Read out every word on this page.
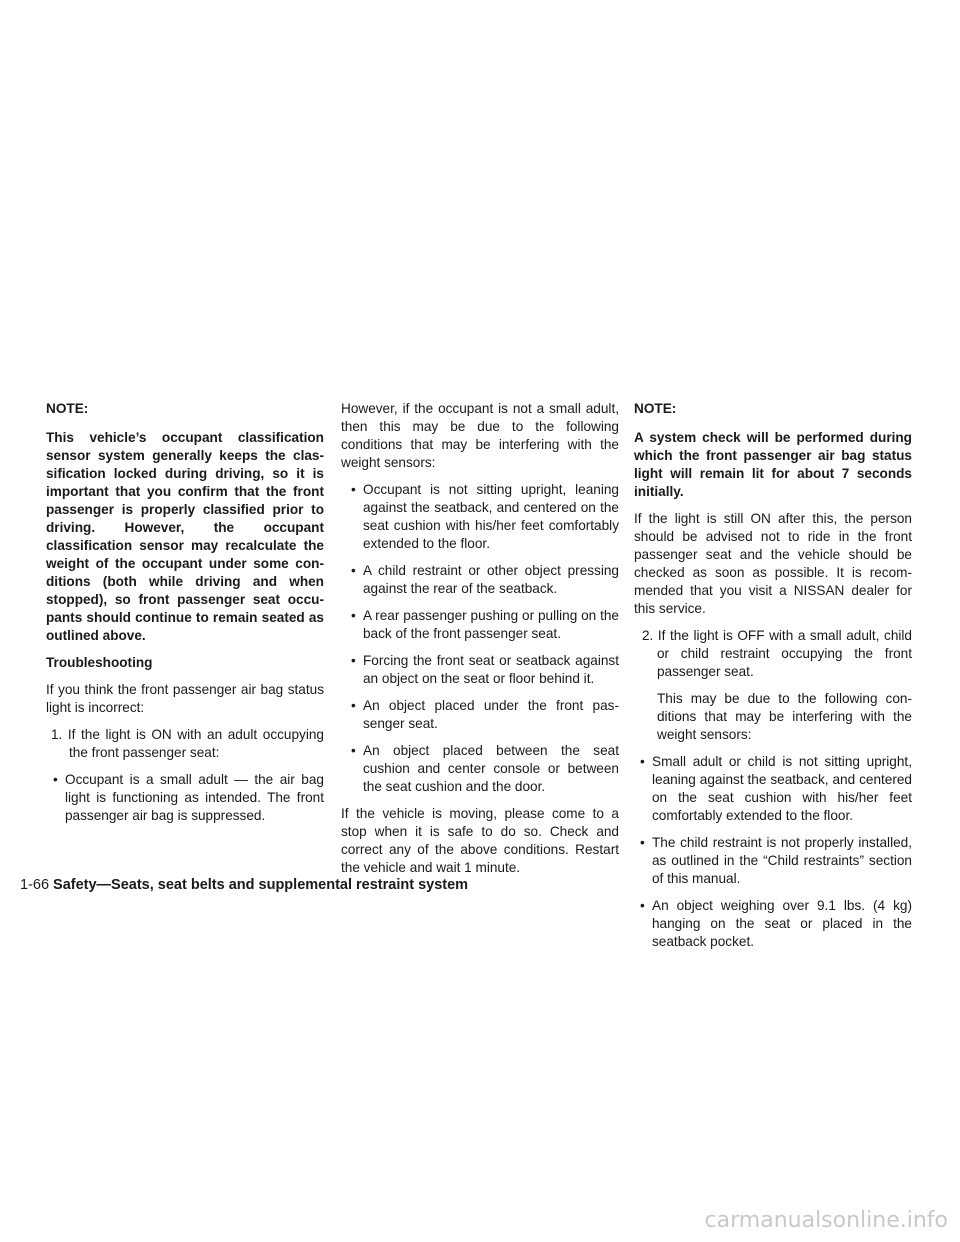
NOTE:

This vehicle’s occupant classification sensor system generally keeps the classification locked during driving, so it is important that you confirm that the front passenger is properly classified prior to driving. However, the occupant classification sensor may recalculate the weight of the occupant under some conditions (both while driving and when stopped), so front passenger seat occupants should continue to remain seated as outlined above.

Troubleshooting

If you think the front passenger air bag status light is incorrect:

1. If the light is ON with an adult occupying the front passenger seat:

• Occupant is a small adult — the air bag light is functioning as intended. The front passenger air bag is suppressed.

However, if the occupant is not a small adult, then this may be due to the following conditions that may be interfering with the weight sensors:

• Occupant is not sitting upright, leaning against the seatback, and centered on the seat cushion with his/her feet comfortably extended to the floor.

• A child restraint or other object pressing against the rear of the seatback.

• A rear passenger pushing or pulling on the back of the front passenger seat.

• Forcing the front seat or seatback against an object on the seat or floor behind it.

• An object placed under the front passenger seat.

• An object placed between the seat cushion and center console or between the seat cushion and the door.

If the vehicle is moving, please come to a stop when it is safe to do so. Check and correct any of the above conditions. Restart the vehicle and wait 1 minute.

NOTE:

A system check will be performed during which the front passenger air bag status light will remain lit for about 7 seconds initially.

If the light is still ON after this, the person should be advised not to ride in the front passenger seat and the vehicle should be checked as soon as possible. It is recommended that you visit a NISSAN dealer for this service.

2. If the light is OFF with a small adult, child or child restraint occupying the front passenger seat.

This may be due to the following conditions that may be interfering with the weight sensors:

• Small adult or child is not sitting upright, leaning against the seatback, and centered on the seat cushion with his/her feet comfortably extended to the floor.

• The child restraint is not properly installed, as outlined in the “Child restraints” section of this manual.

• An object weighing over 9.1 lbs. (4 kg) hanging on the seat or placed in the seatback pocket.

1-66 Safety—Seats, seat belts and supplemental restraint system
carmanualsonline.info
